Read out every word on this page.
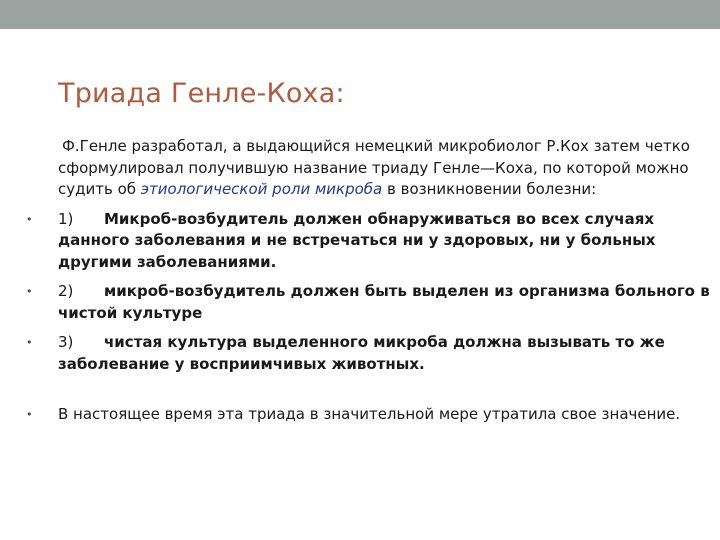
Триада Генле-Коха:

Ф.Генле разработал, а выдающийся немецкий микробиолог Р.Кох затем четко сформулировал получившую название триаду Генле—Коха, по которой можно судить об этиологической роли микроба в возникновении болезни:

• 1) Микроб-возбудитель должен обнаруживаться во всех случаях данного заболевания и не встречаться ни у здоровых, ни у больных другими заболеваниями.
• 2) микроб-возбудитель должен быть выделен из организма больного в чистой культуре
• 3) чистая культура выделенного микроба должна вызывать то же заболевание у восприимчивых животных.
• В настоящее время эта триада в значительной мере утратила свое значение.
